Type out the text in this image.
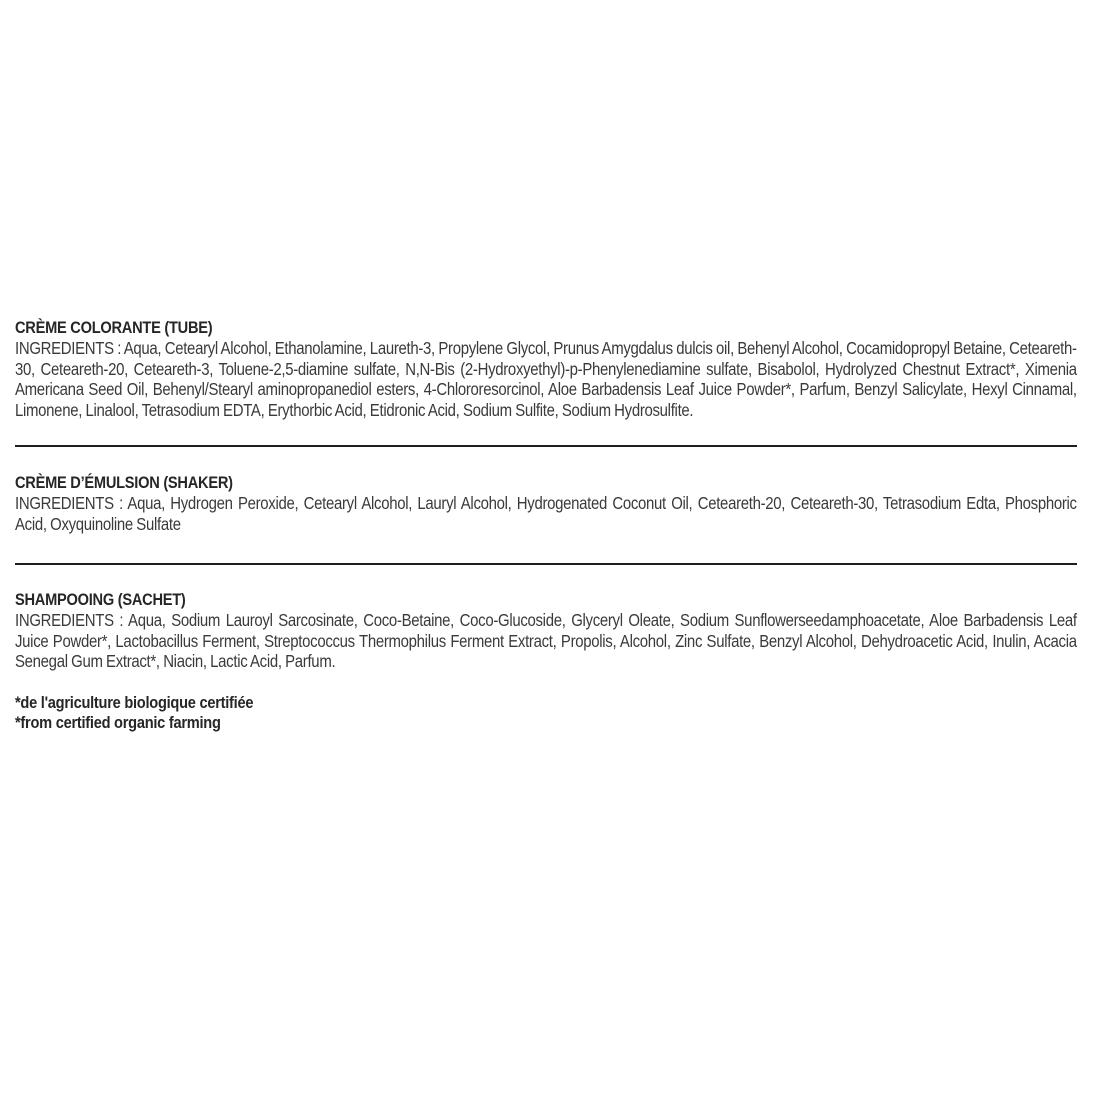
CRÈME COLORANTE (TUBE)
INGREDIENTS : Aqua, Cetearyl Alcohol, Ethanolamine, Laureth-3, Propylene Glycol, Prunus Amygdalus dulcis oil, Behenyl Alcohol, Cocamidopropyl Betaine, Ceteareth-30, Ceteareth-20, Ceteareth-3, Toluene-2,5-diamine sulfate, N,N-Bis (2-Hydroxyethyl)-p-Phenylenediamine sulfate, Bisabolol, Hydrolyzed Chestnut Extract*, Ximenia Americana Seed Oil, Behenyl/Stearyl aminopropanediol esters, 4-Chlororesorcinol, Aloe Barbadensis Leaf Juice Powder*, Parfum, Benzyl Salicylate, Hexyl Cinnamal, Limonene, Linalool, Tetrasodium EDTA, Erythorbic Acid, Etidronic Acid, Sodium Sulfite, Sodium Hydrosulfite.
CRÈME D’ÉMULSION (SHAKER)
INGREDIENTS : Aqua, Hydrogen Peroxide, Cetearyl Alcohol, Lauryl Alcohol, Hydrogenated Coconut Oil, Ceteareth-20, Ceteareth-30, Tetrasodium Edta, Phosphoric Acid, Oxyquinoline Sulfate
SHAMPOOING (SACHET)
INGREDIENTS : Aqua, Sodium Lauroyl Sarcosinate, Coco-Betaine, Coco-Glucoside, Glyceryl Oleate, Sodium Sunflowerseedamphoacetate, Aloe Barbadensis Leaf Juice Powder*, Lactobacillus Ferment, Streptococcus Thermophilus Ferment Extract, Propolis, Alcohol, Zinc Sulfate, Benzyl Alcohol, Dehydroacetic Acid, Inulin, Acacia Senegal Gum Extract*, Niacin, Lactic Acid, Parfum.
*de l'agriculture biologique certifiée
*from certified organic farming
